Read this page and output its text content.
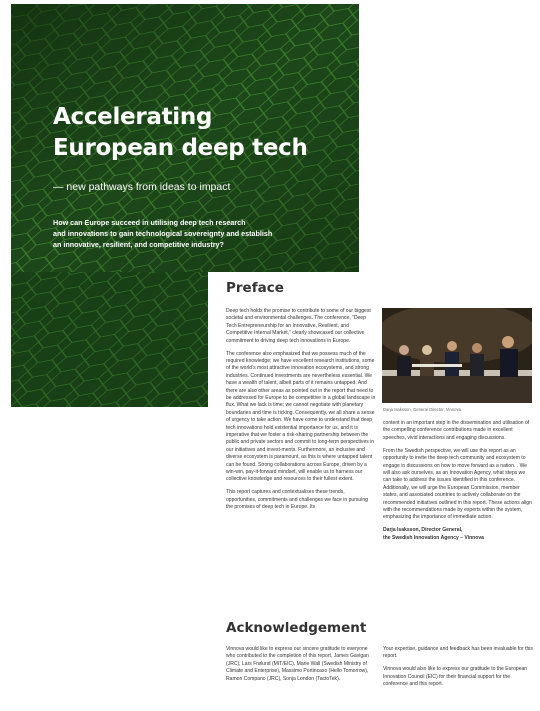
Accelerating
European deep tech
— new pathways from ideas to impact
How can Europe succeed in utilising deep tech research
and innovations to gain technological sovereignty and establish
an innovative, resilient, and competitive industry?
Preface

Deep tech holds the promise to contribute to some of our biggest societal and environmental challenges. The conference, “Deep Tech Entrepreneurship for an Innovative, Resilient, and Competitive Internal Market,” clearly showcased our collective commitment to driving deep tech innovations in Europe.

The conference also emphasized that we possess much of the required knowledge; we have excellent research institutions, some of the world’s most attractive innovation ecosystems, and strong industries. Continued investments are nevertheless essential. We have a wealth of talent, albeit parts of it remains untapped. And there are also other areas as pointed out in the report that need to be addressed for Europe to be competitive in a global landscape in flux. What we lack is time; we cannot negotiate with planetary boundaries and time is ticking. Consequently, we all share a sense of urgency to take action. We have come to understand that deep tech innovations hold existential importance for us, and it is imperative that we foster a risk-sharing partnership between the public and private sectors and commit to long-term perspectives in our initiatives and invest-ments. Furthermore, an inclusive and diverse ecosystem is paramount, as this is where untapped talent can be found. Strong collaborations across Europe, driven by a win-win, pay-it-forward mindset, will enable us to harness our collective knowledge and resources to their fullest extent.

This report captures and contextualises these trends, opportunities, commitments and challenges we face in pursuing the promises of deep tech in Europe. Its

Darja Isaksson, General Director, Vinnova.

content in an important step in the dissemination and utilisation of the compelling conference contributions made in excellent speeches, vivid interactions and engaging discussions.

From the Swedish perspective, we will use this report as an opportunity to invite the deep tech community and ecosystem to engage in discussions on how to move forward as a nation. . We will also ask ourselves, as an Innovation Agency, what steps we can take to address the issues identified in this conference. Additionally, we will urge the European Commission, member states, and associated countries to actively collaborate on the recommended initiatives outlined in this report. These actions align with the recommendations made by experts within the system, emphasizing the importance of immediate action.

Darja Isaksson, Director General,
the Swedish Innovation Agency – Vinnova

Acknowledgement

Vinnova would like to express our sincere gratitude to everyone who contributed to the completion of this report, James Gavigan (JRC), Lars Frølund (MIT/EIC), Marie Wall (Swedish Ministry of Climate and Enterprise), Massimo Portincaso (Hello Tomorrow), Ramon Compano (JRC), Sonja London (TactoTek).

Your expertise, guidance and feedback has been invaluable for this report.

Vinnova would also like to express our gratitude to the European Innovation Council (EIC) for their financial support for the conference and this report.
